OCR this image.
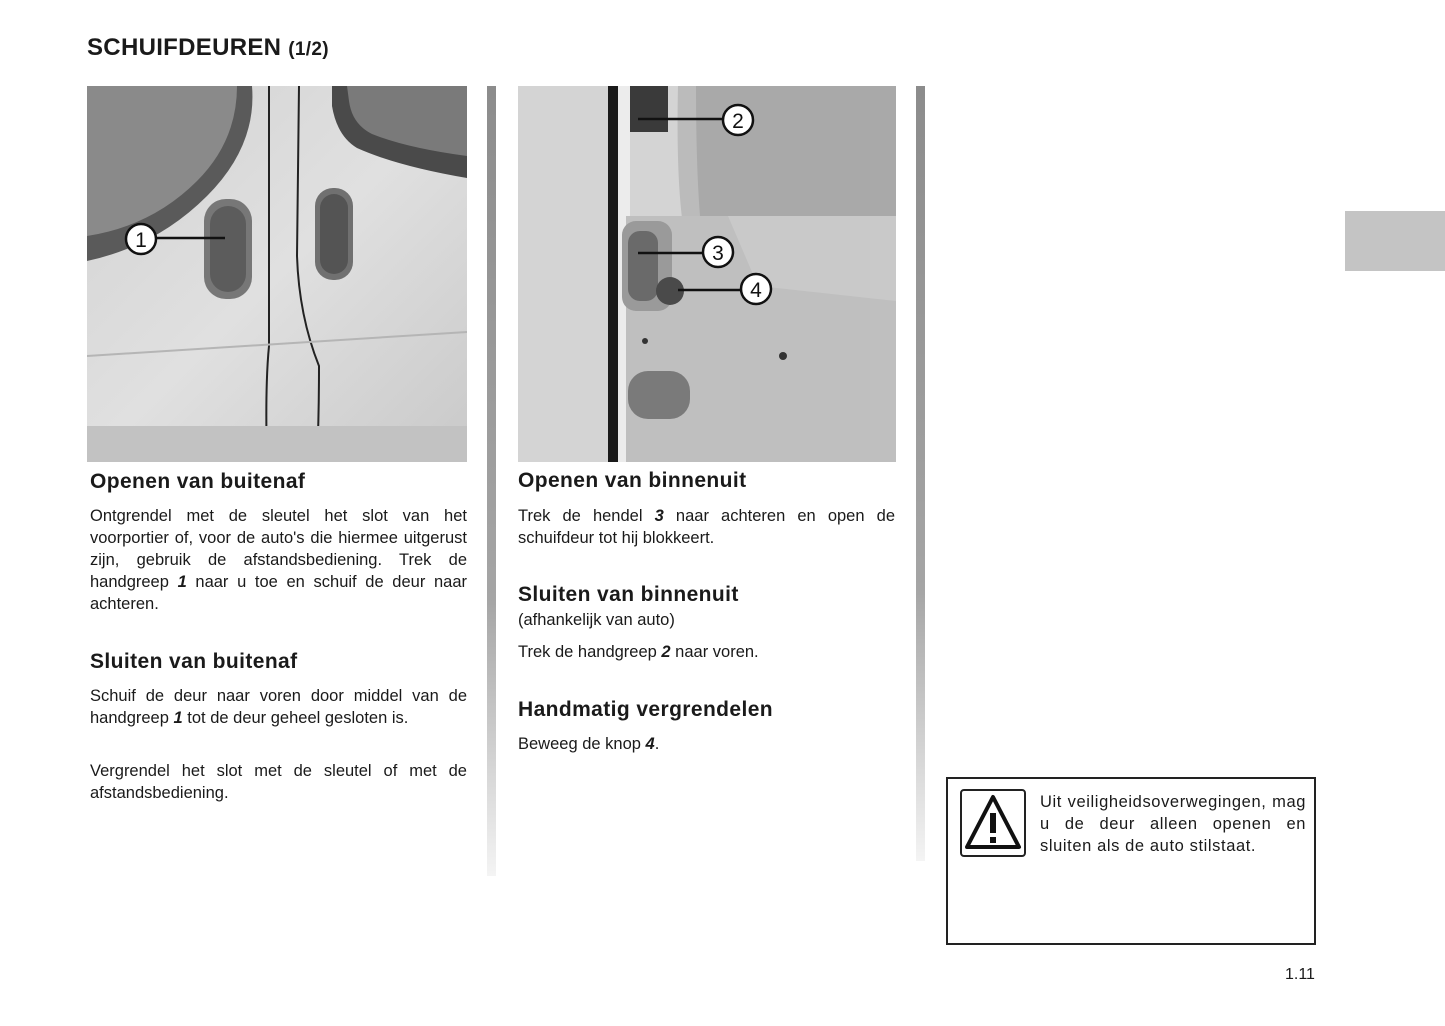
SCHUIFDEUREN (1/2)
1
2
3
4
Openen van buitenaf
Ontgrendel met de sleutel het slot van het voorportier of, voor de auto's die hiermee uitgerust zijn, gebruik de afstandsbediening. Trek de handgreep 1 naar u toe en schuif de deur naar achteren.
Sluiten van buitenaf
Schuif de deur naar voren door middel van de handgreep 1 tot de deur geheel gesloten is.
Vergrendel het slot met de sleutel of met de afstandsbediening.
Openen van binnenuit
Trek de hendel 3 naar achteren en open de schuifdeur tot hij blokkeert.
Sluiten van binnenuit
(afhankelijk van auto)
Trek de handgreep 2 naar voren.
Handmatig vergrendelen
Beweeg de knop 4.
Uit veiligheidsoverwegingen, mag u de deur alleen openen en sluiten als de auto stilstaat.
1.11
